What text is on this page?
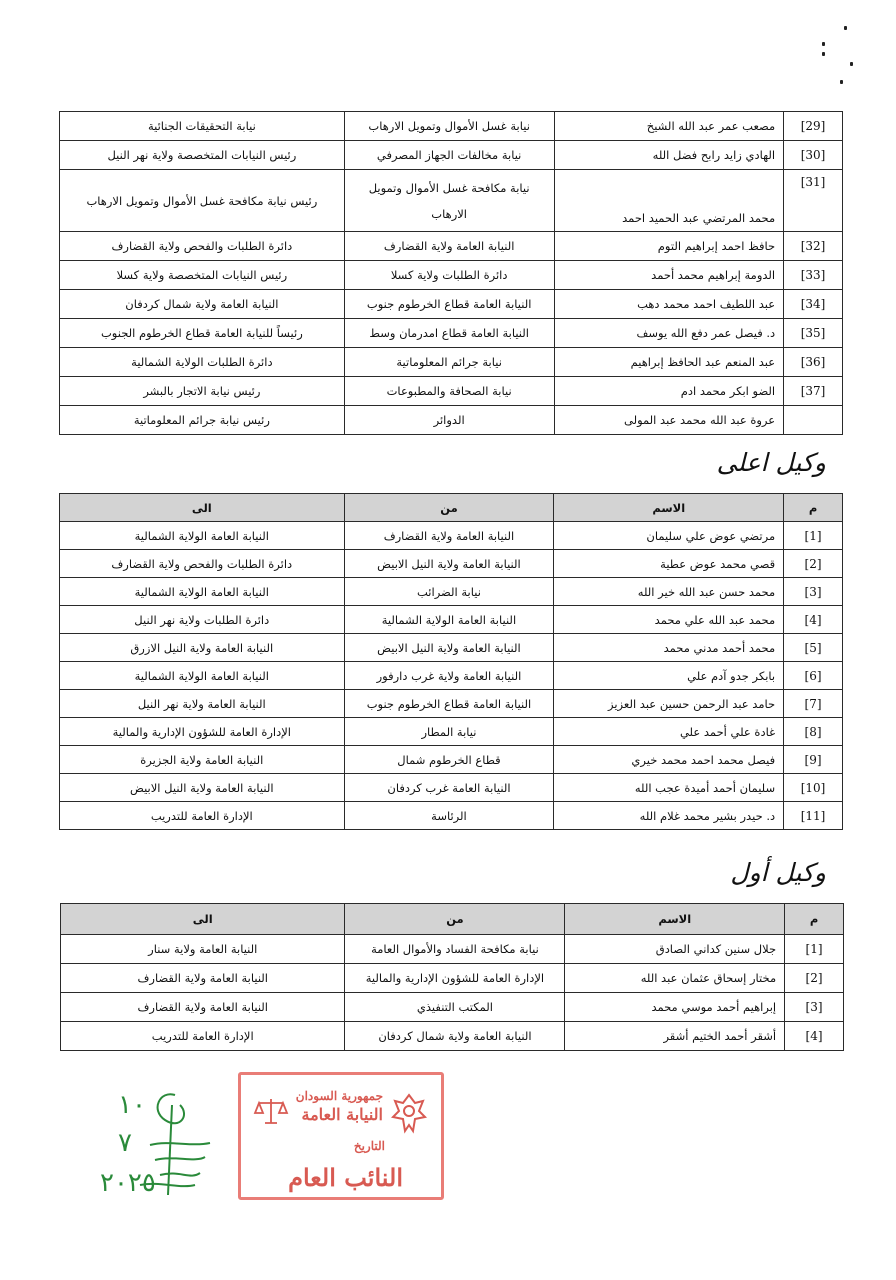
[29]	مصعب عمر عبد الله الشيخ	نيابة غسل الأموال وتمويل الارهاب	نيابة التحقيقات الجنائية
[30]	الهادي زايد رابح فضل الله	نيابة مخالفات الجهاز المصرفي	رئيس النيابات المتخصصة ولاية نهر النيل
[31]	محمد المرتضي عبد الحميد احمد	نيابة مكافحة غسل الأموال وتمويل الارهاب	رئيس نيابة مكافحة غسل الأموال وتمويل الارهاب
[32]	حافظ احمد إبراهيم التوم	النيابة العامة ولاية القضارف	دائرة الطلبات والفحص ولاية القضارف
[33]	الدومة إبراهيم محمد أحمد	دائرة الطلبات ولاية كسلا	رئيس النيابات المتخصصة ولاية كسلا
[34]	عبد اللطيف احمد محمد دهب	النيابة العامة قطاع الخرطوم جنوب	النيابة العامة ولاية شمال كردفان
[35]	د. فيصل عمر دفع الله يوسف	النيابة العامة قطاع امدرمان وسط	رئيساً للنيابة العامة قطاع الخرطوم الجنوب
[36]	عبد المنعم عبد الحافظ إبراهيم	نيابة جرائم المعلوماتية	دائرة الطلبات الولاية الشمالية
[37]	الضو ابكر محمد ادم	نيابة الصحافة والمطبوعات	رئيس نيابة الاتجار بالبشر
	عروة عبد الله محمد عبد المولى	الدوائر	رئيس نيابة جرائم المعلوماتية
وكيل اعلى
م	الاسم	من	الى
[1]	مرتضي عوض علي سليمان	النيابة العامة ولاية القضارف	النيابة العامة الولاية الشمالية
[2]	قصي محمد عوض عطية	النيابة العامة ولاية النيل الابيض	دائرة الطلبات والفحص ولاية القضارف
[3]	محمد حسن عبد الله خير الله	نيابة الضرائب	النيابة العامة الولاية الشمالية
[4]	محمد عبد الله علي محمد	النيابة العامة الولاية الشمالية	دائرة الطلبات ولاية نهر النيل
[5]	محمد أحمد مدني محمد	النيابة العامة ولاية النيل الابيض	النيابة العامة ولاية النيل الازرق
[6]	بابكر جدو آدم علي	النيابة العامة ولاية غرب دارفور	النيابة العامة الولاية الشمالية
[7]	حامد عبد الرحمن حسين عبد العزيز	النيابة العامة قطاع الخرطوم جنوب	النيابة العامة ولاية نهر النيل
[8]	غادة علي أحمد علي	نيابة المطار	الإدارة العامة للشؤون الإدارية والمالية
[9]	فيصل محمد احمد محمد خيري	قطاع الخرطوم شمال	النيابة العامة ولاية الجزيرة
[10]	سليمان أحمد أميدة عجب الله	النيابة العامة غرب كردفان	النيابة العامة ولاية النيل الابيض
[11]	د. حيدر بشير محمد غلام الله	الرئاسة	الإدارة العامة للتدريب
وكيل أول
م	الاسم	من	الى
[1]	جلال سنين كداني الصادق	نيابة مكافحة الفساد والأموال العامة	النيابة العامة ولاية سنار
[2]	مختار إسحاق عثمان عبد الله	الإدارة العامة للشؤون الإدارية والمالية	النيابة العامة ولاية القضارف
[3]	إبراهيم أحمد موسي محمد	المكتب التنفيذي	النيابة العامة ولاية القضارف
[4]	أشقر أحمد الختيم أشقر	النيابة العامة ولاية شمال كردفان	الإدارة العامة للتدريب
١٠
٧
٢٠٢٥
جمهورية السودان
النيابة العامة
التاريخ
النائب العام
